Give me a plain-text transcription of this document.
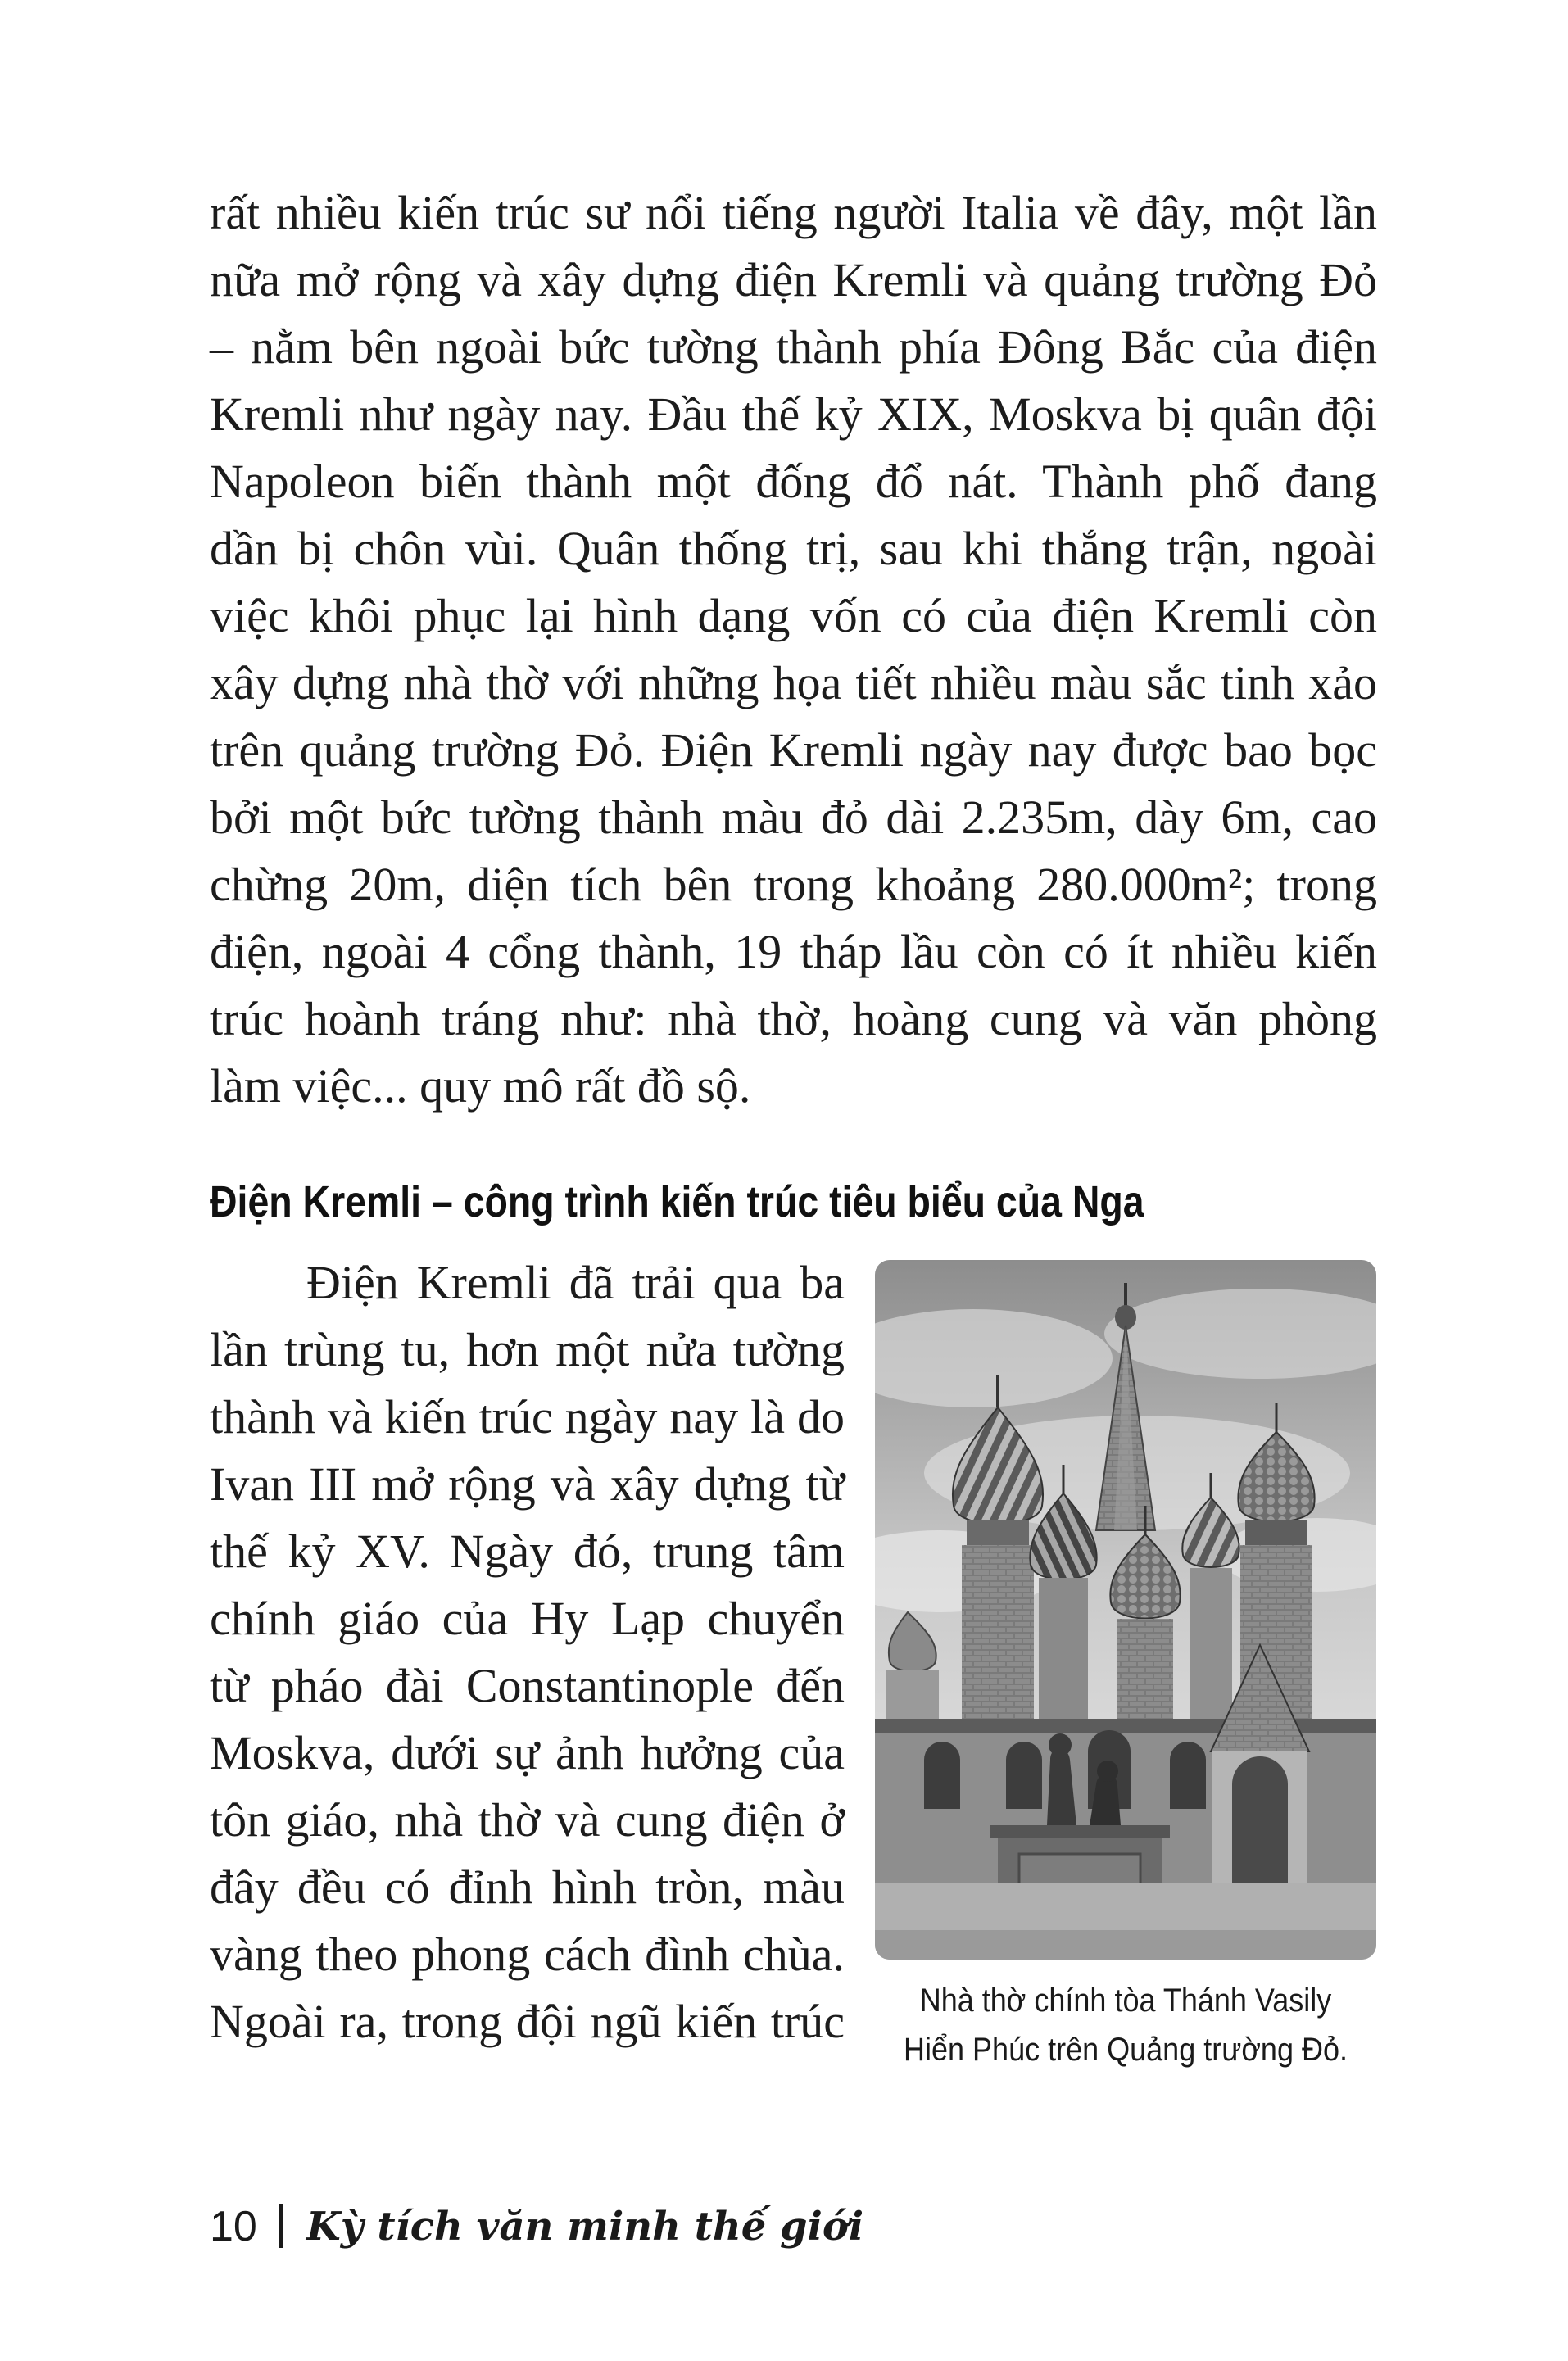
rất nhiều kiến trúc sư nổi tiếng người Italia về đây, một lần
nữa mở rộng và xây dựng điện Kremli và quảng trường Đỏ
– nằm bên ngoài bức tường thành phía Đông Bắc của điện
Kremli như ngày nay. Đầu thế kỷ XIX, Moskva bị quân đội
Napoleon biến thành một đống đổ nát. Thành phố đang
dần bị chôn vùi. Quân thống trị, sau khi thắng trận, ngoài
việc khôi phục lại hình dạng vốn có của điện Kremli còn
xây dựng nhà thờ với những họa tiết nhiều màu sắc tinh xảo
trên quảng trường Đỏ. Điện Kremli ngày nay được bao bọc
bởi một bức tường thành màu đỏ dài 2.235m, dày 6m, cao
chừng 20m, diện tích bên trong khoảng 280.000m²; trong
điện, ngoài 4 cổng thành, 19 tháp lầu còn có ít nhiều kiến
trúc hoành tráng như: nhà thờ, hoàng cung và văn phòng
làm việc... quy mô rất đồ sộ.
Điện Kremli – công trình kiến trúc tiêu biểu của Nga
Điện Kremli đã trải qua ba
lần trùng tu, hơn một nửa tường
thành và kiến trúc ngày nay là do
Ivan III mở rộng và xây dựng từ
thế kỷ XV. Ngày đó, trung tâm
chính giáo của Hy Lạp chuyển
từ pháo đài Constantinople đến
Moskva, dưới sự ảnh hưởng của
tôn giáo, nhà thờ và cung điện ở
đây đều có đỉnh hình tròn, màu
vàng theo phong cách đình chùa.
Ngoài ra, trong đội ngũ kiến trúc	Nhà thờ chính tòa Thánh Vasily
Hiển Phúc trên Quảng trường Đỏ.
10 Kỳ tích văn minh thế giới
